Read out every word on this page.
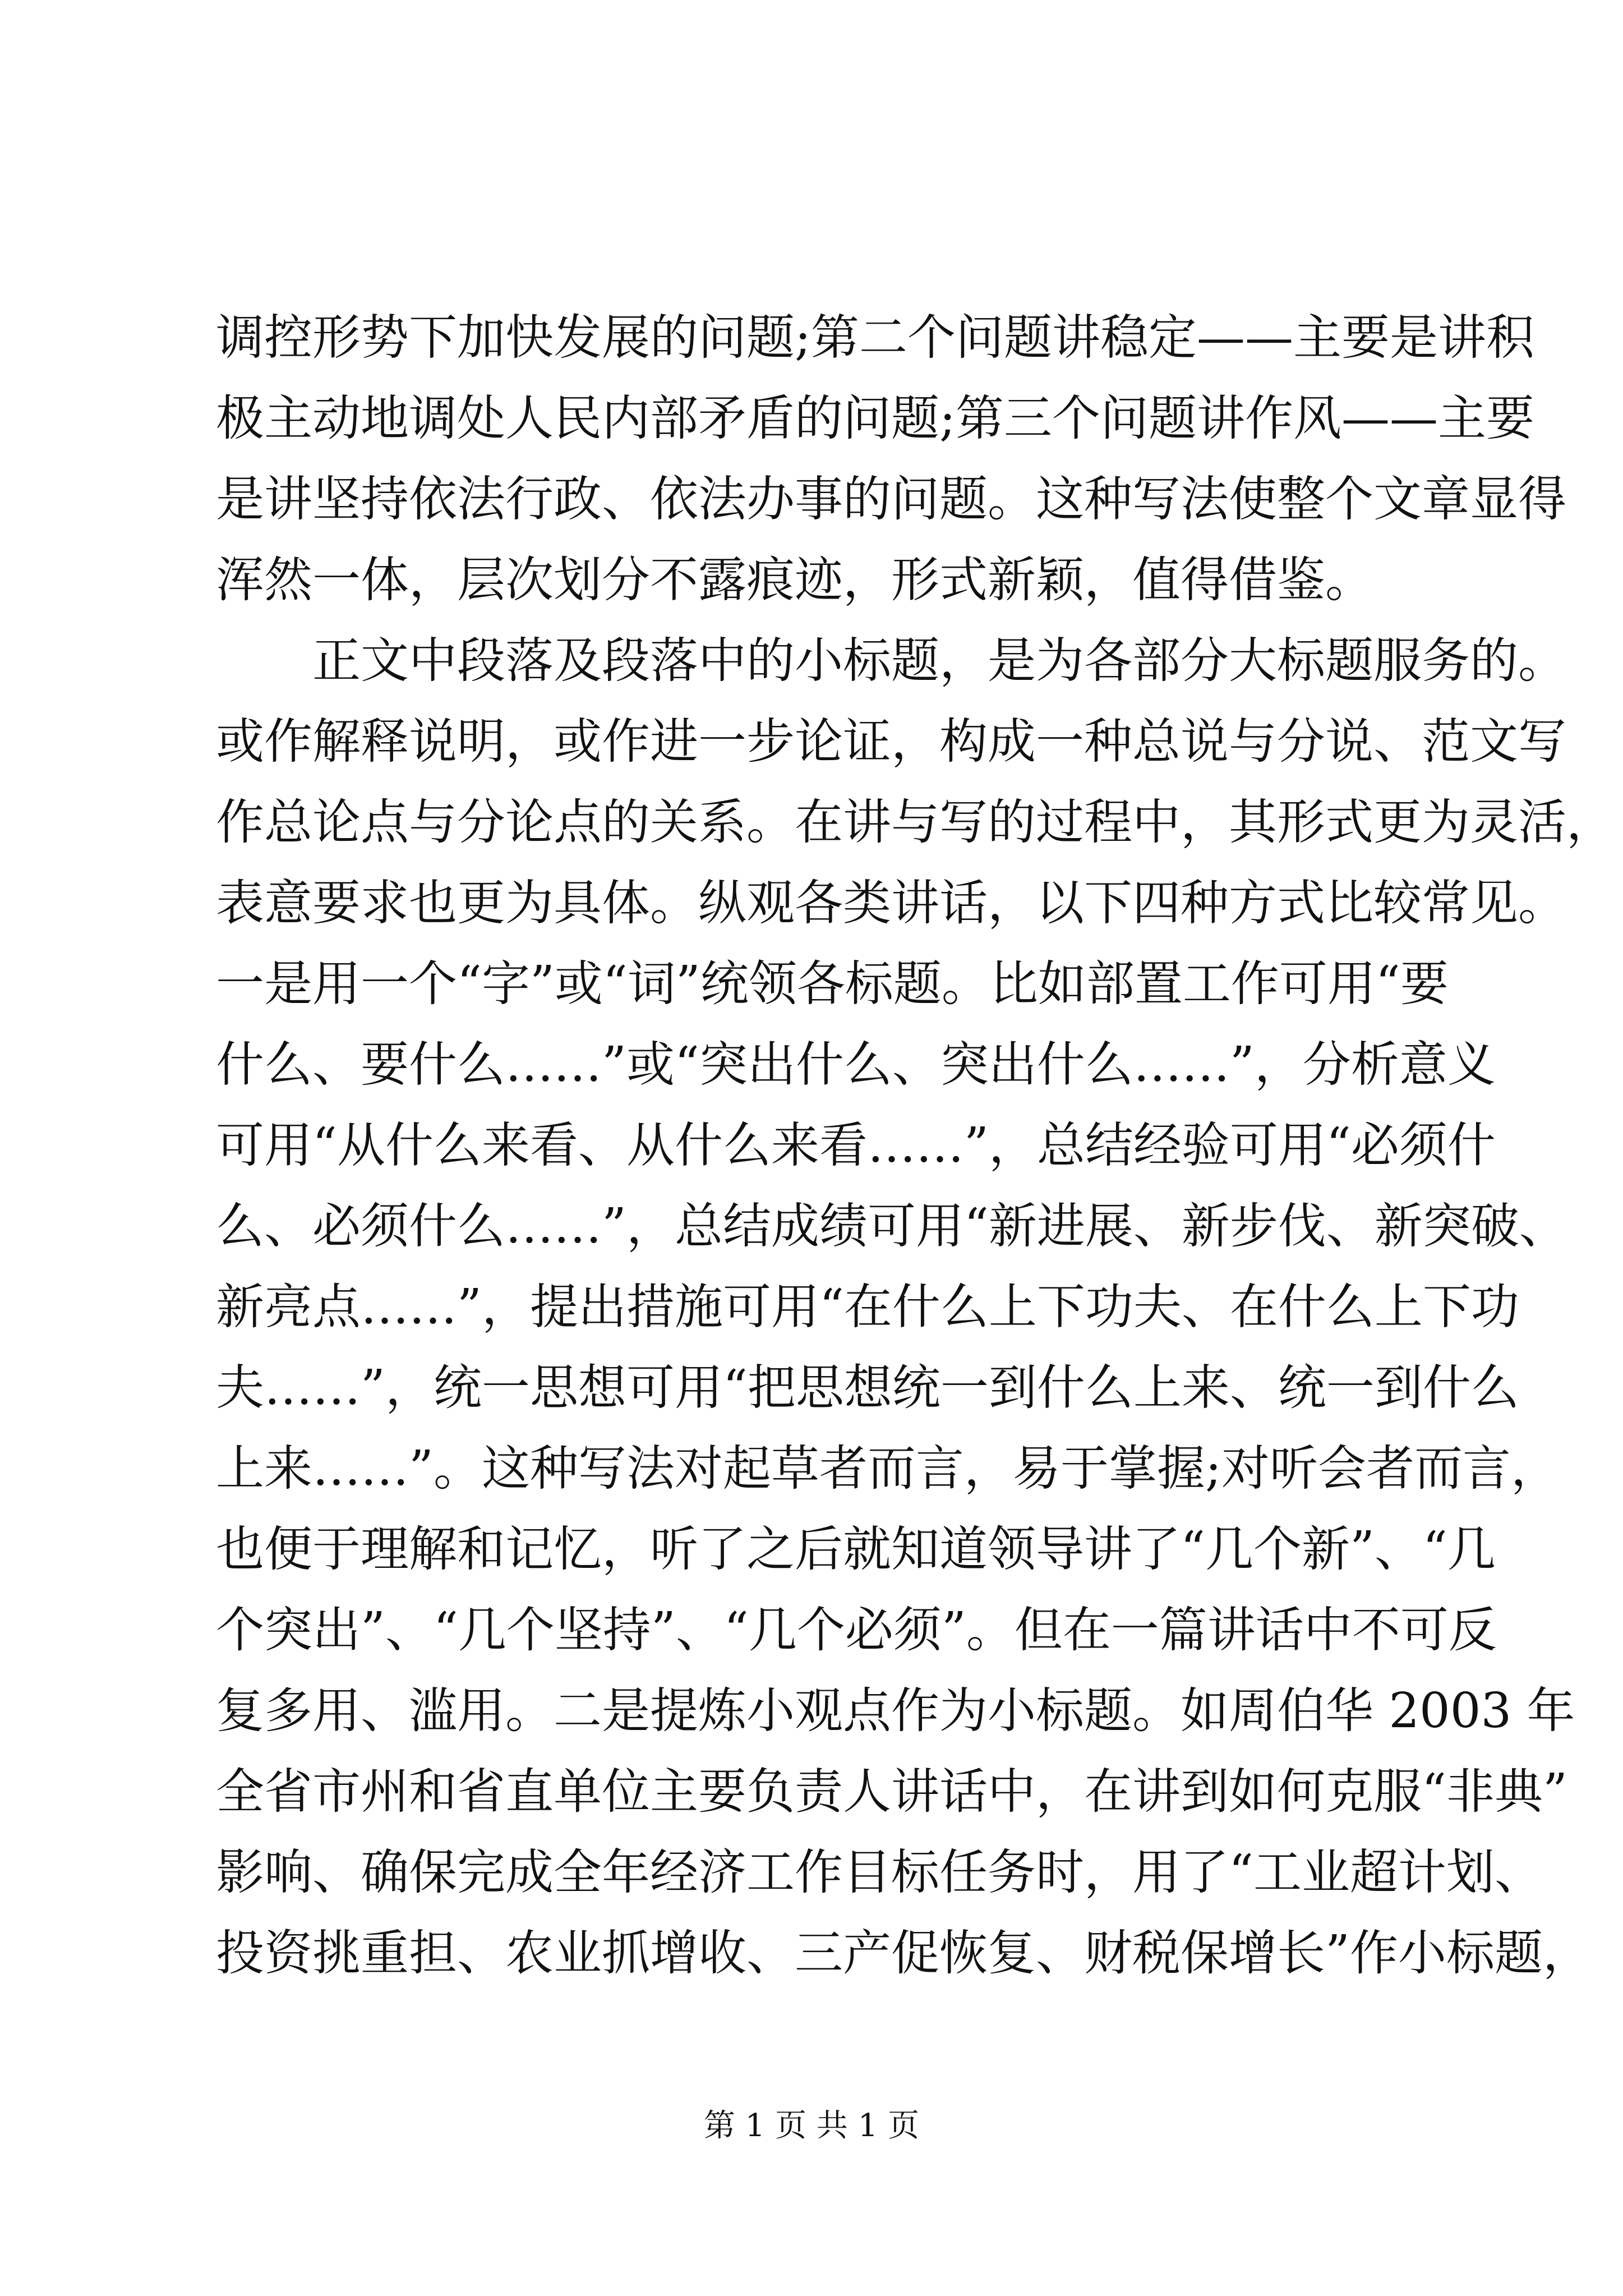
调控形势下加快发展的问题;第二个问题讲稳定——主要是讲积
极主动地调处人民内部矛盾的问题;第三个问题讲作风——主要
是讲坚持依法行政、依法办事的问题。这种写法使整个文章显得
浑然一体，层次划分不露痕迹，形式新颖，值得借鉴。
正文中段落及段落中的小标题，是为各部分大标题服务的。
或作解释说明，或作进一步论证，构成一种总说与分说、范文写
作总论点与分论点的关系。在讲与写的过程中，其形式更为灵活，
表意要求也更为具体。纵观各类讲话，以下四种方式比较常见。
一是用一个“字”或“词”统领各标题。比如部置工作可用“要
什么、要什么……”或“突出什么、突出什么……”，分析意义
可用“从什么来看、从什么来看……”，总结经验可用“必须什
么、必须什么……”，总结成绩可用“新进展、新步伐、新突破、
新亮点……”，提出措施可用“在什么上下功夫、在什么上下功
夫……”，统一思想可用“把思想统一到什么上来、统一到什么
上来……”。这种写法对起草者而言，易于掌握;对听会者而言，
也便于理解和记忆，听了之后就知道领导讲了“几个新”、“几
个突出”、“几个坚持”、“几个必须”。但在一篇讲话中不可反
复多用、滥用。二是提炼小观点作为小标题。如周伯华 2003 年
全省市州和省直单位主要负责人讲话中，在讲到如何克服“非典”
影响、确保完成全年经济工作目标任务时，用了“工业超计划、
投资挑重担、农业抓增收、三产促恢复、财税保增长”作小标题，
第 1 页 共 1 页
